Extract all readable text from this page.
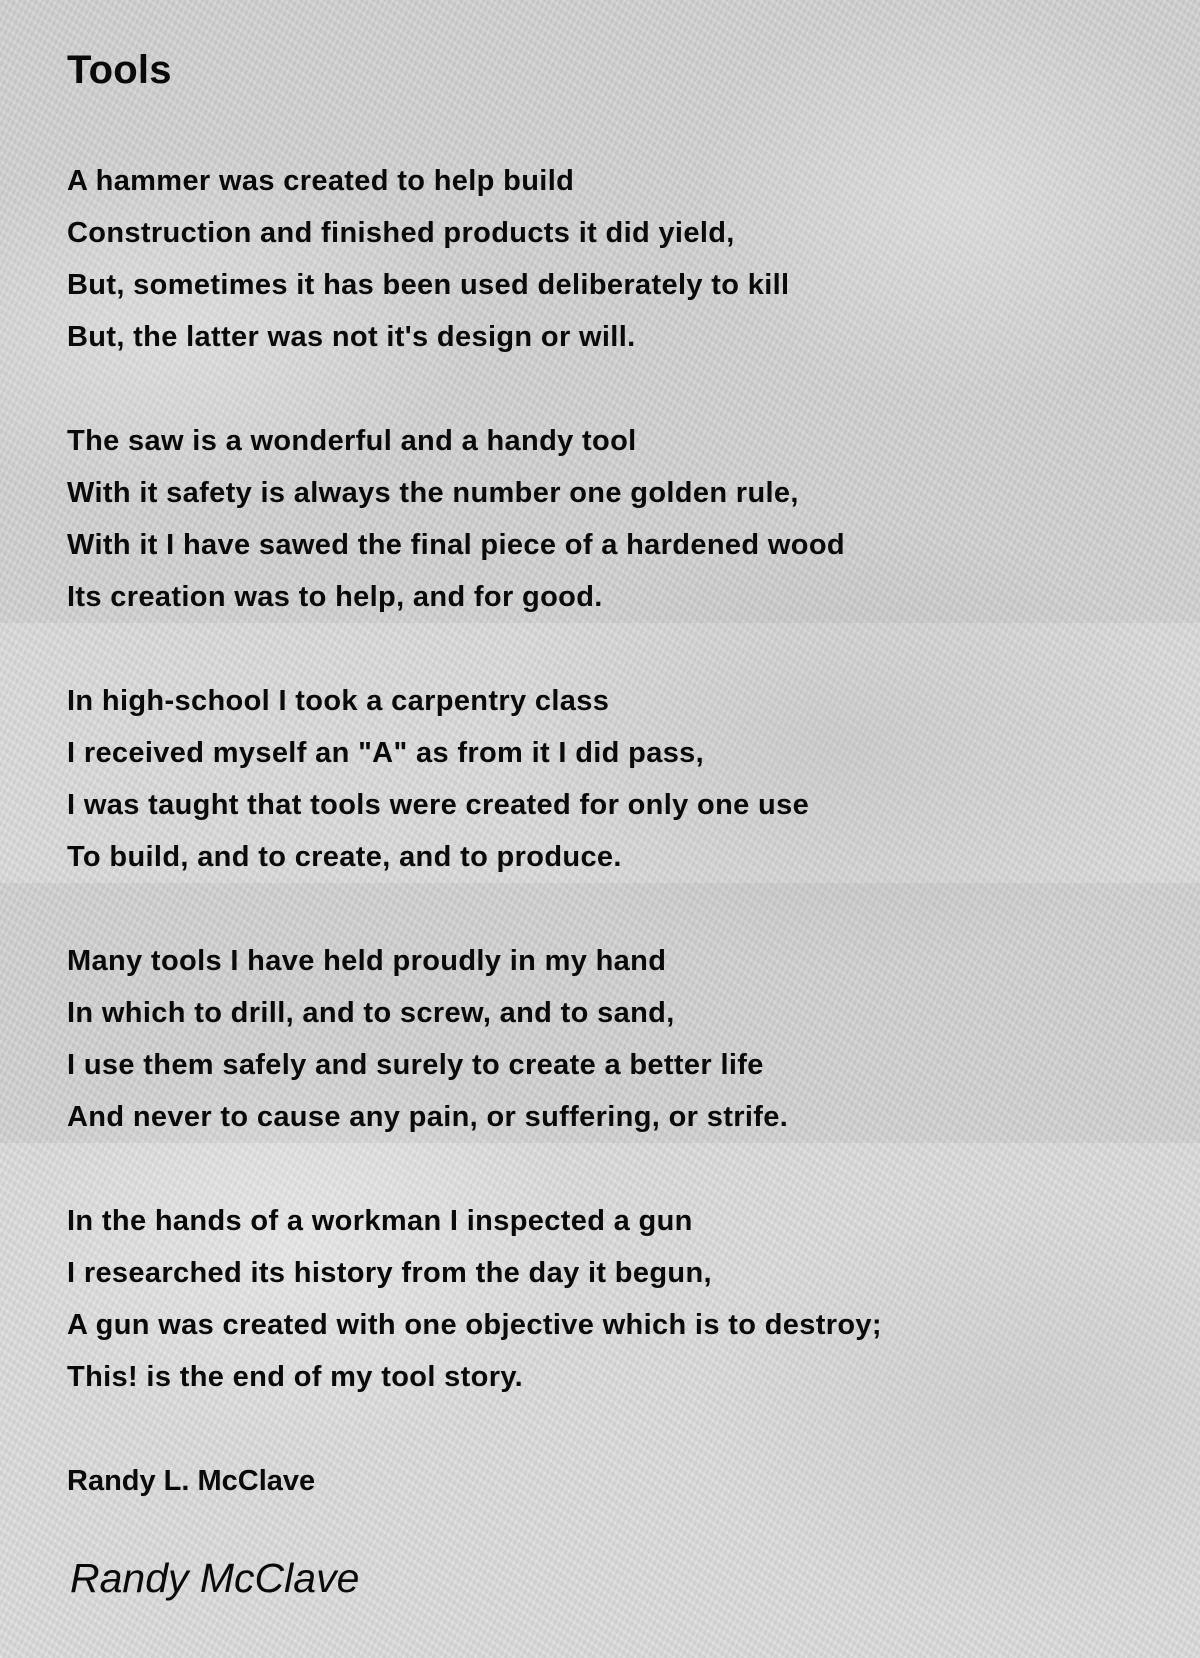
Tools
A hammer was created to help build
Construction and finished products it did yield,
But, sometimes it has been used deliberately to kill
But, the latter was not it's design or will.
The saw is a wonderful and a handy tool
With it safety is always the number one golden rule,
With it I have sawed the final piece of a hardened wood
Its creation was to help, and for good.
In high-school I took a carpentry class
I received myself an "A" as from it I did pass,
I was taught that tools were created for only one use
To build, and to create, and to produce.
Many tools I have held proudly in my hand
In which to drill, and to screw, and to sand,
I use them safely and surely to create a better life
And never to cause any pain, or suffering, or strife.
In the hands of a workman I inspected a gun
I researched its history from the day it begun,
A gun was created with one objective which is to destroy;
This! is the end of my tool story.
Randy L. McClave
Randy McClave
